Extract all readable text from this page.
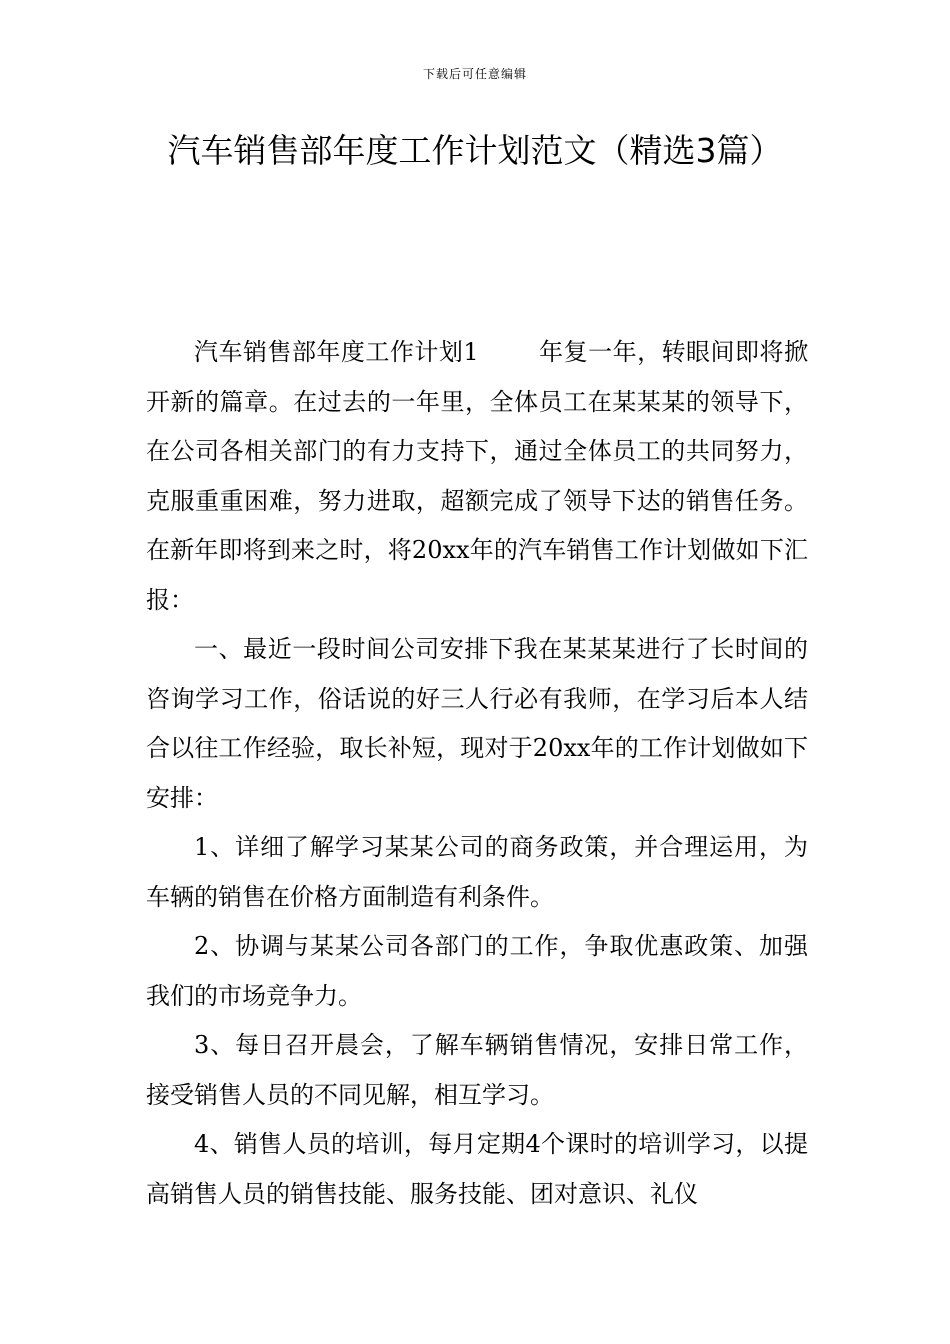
下载后可任意编辑
汽车销售部年度工作计划范文（精选3篇）

汽车销售部年度工作计划1	年复一年，转眼间即将掀开新的篇章。在过去的一年里，全体员工在某某某的领导下，在公司各相关部门的有力支持下，通过全体员工的共同努力，克服重重困难，努力进取，超额完成了领导下达的销售任务。在新年即将到来之时，将20xx年的汽车销售工作计划做如下汇报：

一、最近一段时间公司安排下我在某某某进行了长时间的咨询学习工作，俗话说的好三人行必有我师，在学习后本人结合以往工作经验，取长补短，现对于20xx年的工作计划做如下安排：

1、详细了解学习某某公司的商务政策，并合理运用，为车辆的销售在价格方面制造有利条件。

2、协调与某某公司各部门的工作，争取优惠政策、加强我们的市场竞争力。

3、每日召开晨会，了解车辆销售情况，安排日常工作，接受销售人员的不同见解，相互学习。

4、销售人员的培训，每月定期4个课时的培训学习，以提高销售人员的销售技能、服务技能、团对意识、礼仪
